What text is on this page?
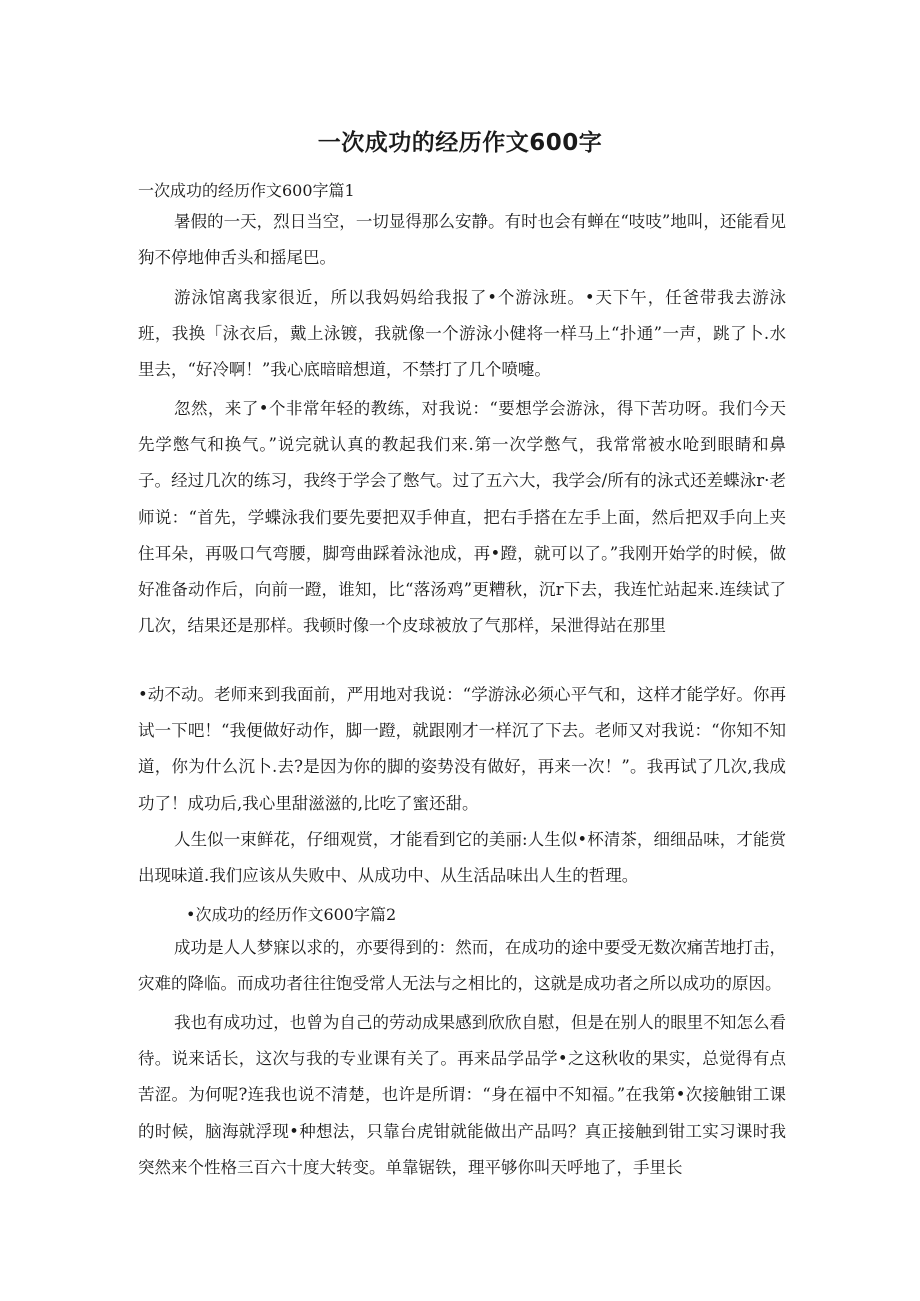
一次成功的经历作文600字

一次成功的经历作文600字篇1

暑假的一天，烈日当空，一切显得那么安静。有时也会有蝉在“吱吱”地叫，还能看见狗不停地伸舌头和摇尾巴。

游泳馆离我家很近，所以我妈妈给我报了•个游泳班。•天下午，任爸带我去游泳班，我换「泳衣后，戴上泳镀，我就像一个游泳小健将一样马上“扑通”一声，跳了卜.水里去，“好冷啊！”我心底暗暗想道，不禁打了几个喷嚏。

忽然，来了•个非常年轻的教练，对我说：“要想学会游泳，得下苦功呀。我们今天先学憋气和换气。”说完就认真的教起我们来.第一次学憋气，我常常被水呛到眼睛和鼻子。经过几次的练习，我终于学会了憋气。过了五六大，我学会/所有的泳式还差蝶泳r·老师说：“首先，学蝶泳我们要先要把双手伸直，把右手搭在左手上面，然后把双手向上夹住耳朵，再吸口气弯腰，脚弯曲踩着泳池成，再•蹬，就可以了。”我刚开始学的时候，做好准备动作后，向前一蹬，谁知，比“落汤鸡”更糟秋，沉r下去，我连忙站起来.连续试了几次，结果还是那样。我顿时像一个皮球被放了气那样，呆泄得站在那里

•动不动。老师来到我面前，严用地对我说：“学游泳必须心平气和，这样才能学好。你再试一下吧！“我便做好动作，脚一蹬，就跟刚才一样沉了下去。老师又对我说：“你知不知道，你为什么沉卜.去?是因为你的脚的姿势没有做好，再来一次！”。我再试了几次,我成功了！成功后,我心里甜滋滋的,比吃了蜜还甜。

人生似一束鲜花，仔细观赏，才能看到它的美丽:人生似•杯清茶，细细品味，才能赏出现味道.我们应该从失败中、从成功中、从生活品味出人生的哲理。

•次成功的经历作文600字篇2

成功是人人梦寐以求的，亦要得到的：然而，在成功的途中要受无数次痛苦地打击，灾难的降临。而成功者往往饱受常人无法与之相比的，这就是成功者之所以成功的原因。

我也有成功过，也曾为自己的劳动成果感到欣欣自慰，但是在别人的眼里不知怎么看待。说来话长，这次与我的专业课有关了。再来品学品学•之这秋收的果实，总觉得有点苦涩。为何呢?连我也说不清楚，也许是所谓：“身在福中不知福。”在我第•次接触钳工课的时候，脑海就浮现•种想法，只靠台虎钳就能做出产品吗？真正接触到钳工实习课时我突然来个性格三百六十度大转变。单靠锯铁，理平够你叫天呼地了，手里长
